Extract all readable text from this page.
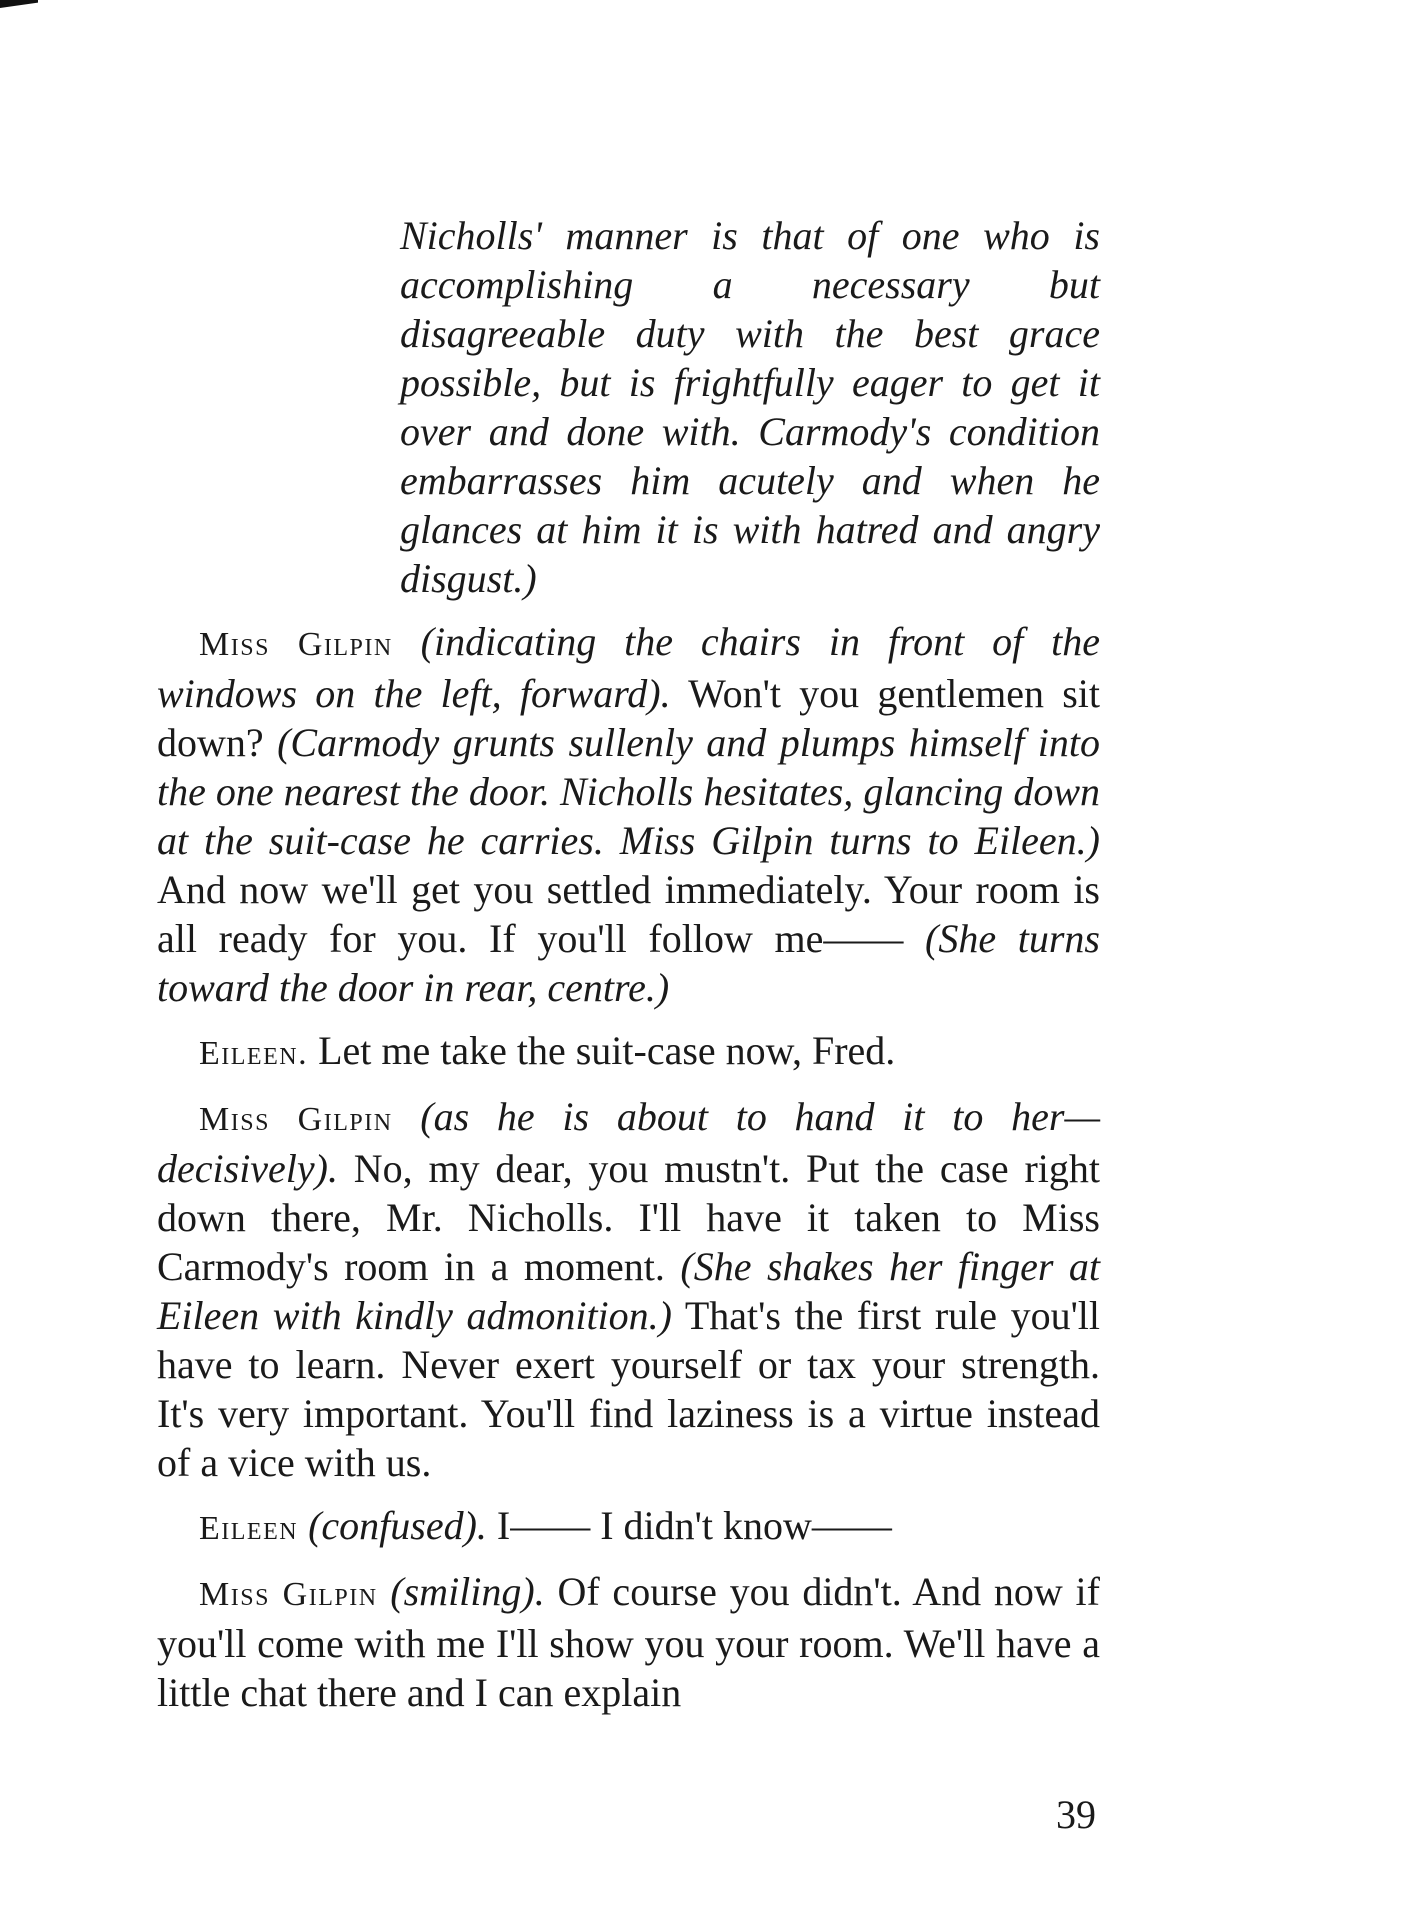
Nicholls' manner is that of one who is accomplishing a necessary but disagreeable duty with the best grace possible, but is frightfully eager to get it over and done with. Carmody's condition embarrasses him acutely and when he glances at him it is with hatred and angry disgust.)

Miss Gilpin (indicating the chairs in front of the windows on the left, forward). Won't you gentlemen sit down? (Carmody grunts sullenly and plumps himself into the one nearest the door. Nicholls hesitates, glancing down at the suit-case he carries. Miss Gilpin turns to Eileen.) And now we'll get you settled immediately. Your room is all ready for you. If you'll follow me—— (She turns toward the door in rear, centre.)

Eileen. Let me take the suit-case now, Fred.

Miss Gilpin (as he is about to hand it to her—decisively). No, my dear, you mustn't. Put the case right down there, Mr. Nicholls. I'll have it taken to Miss Carmody's room in a moment. (She shakes her finger at Eileen with kindly admonition.) That's the first rule you'll have to learn. Never exert yourself or tax your strength. It's very important. You'll find laziness is a virtue instead of a vice with us.

Eileen (confused). I—— I didn't know——

Miss Gilpin (smiling). Of course you didn't. And now if you'll come with me I'll show you your room. We'll have a little chat there and I can explain

39
